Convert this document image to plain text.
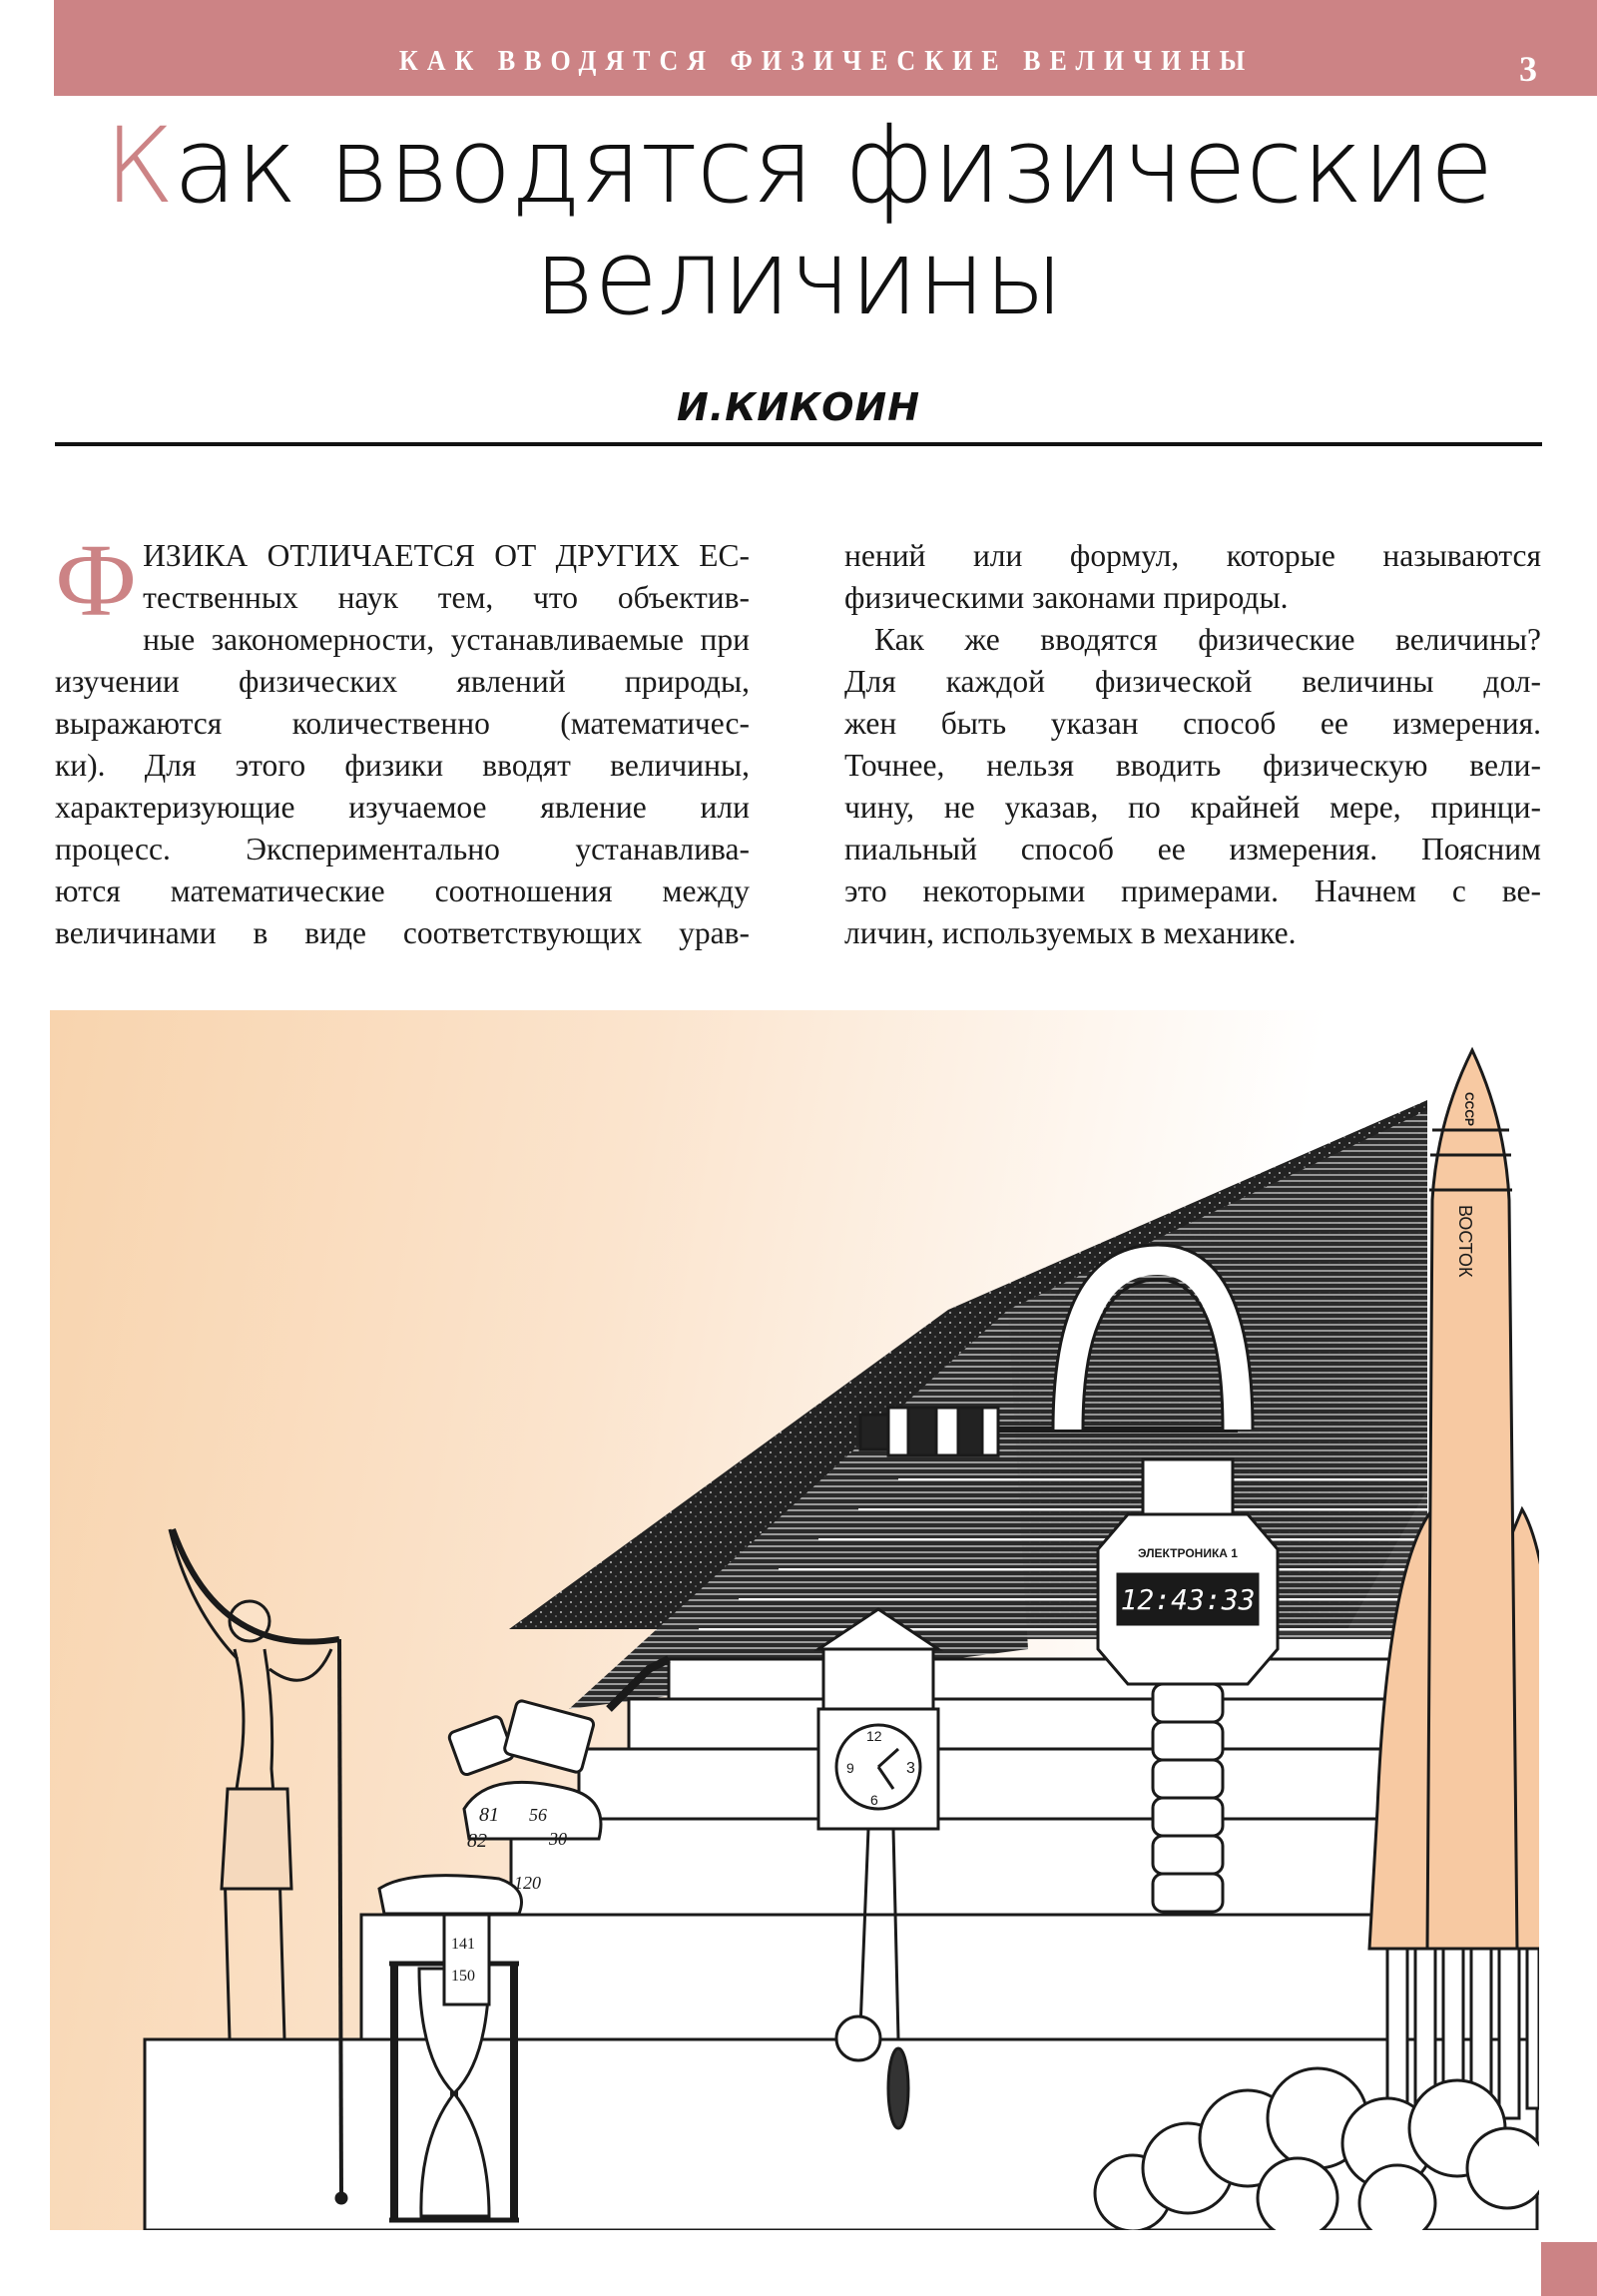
КАК ВВОДЯТСЯ ФИЗИЧЕСКИЕ ВЕЛИЧИНЫ	3
Как вводятся физические
величины
И.КИКОИН
Ф ИЗИКА ОТЛИЧАЕТСЯ ОТ ДРУГИХ ЕС-
тественных наук тем, что объектив-
ные закономерности, устанавливаемые при
изучении физических явлений природы,
выражаются количественно (математичес-
ки). Для этого физики вводят величины,
характеризующие изучаемое явление или
процесс. Экспериментально устанавлива-
ются математические соотношения между
величинами в виде соответствующих урав-
нений или формул, которые называются
физическими законами природы.
Как же вводятся физические величины?
Для каждой физической величины дол-
жен быть указан способ ее измерения.
Точнее, нельзя вводить физическую вели-
чину, не указав, по крайней мере, принци-
пиальный способ ее измерения. Поясним
это некоторыми примерами. Начнем с ве-
личин, используемых в механике.
81
82
56
30
120
141
150
12
3
9
6
12:43:33
ЭЛЕКТРОНИКА 1
ВОСТОК
СССР
